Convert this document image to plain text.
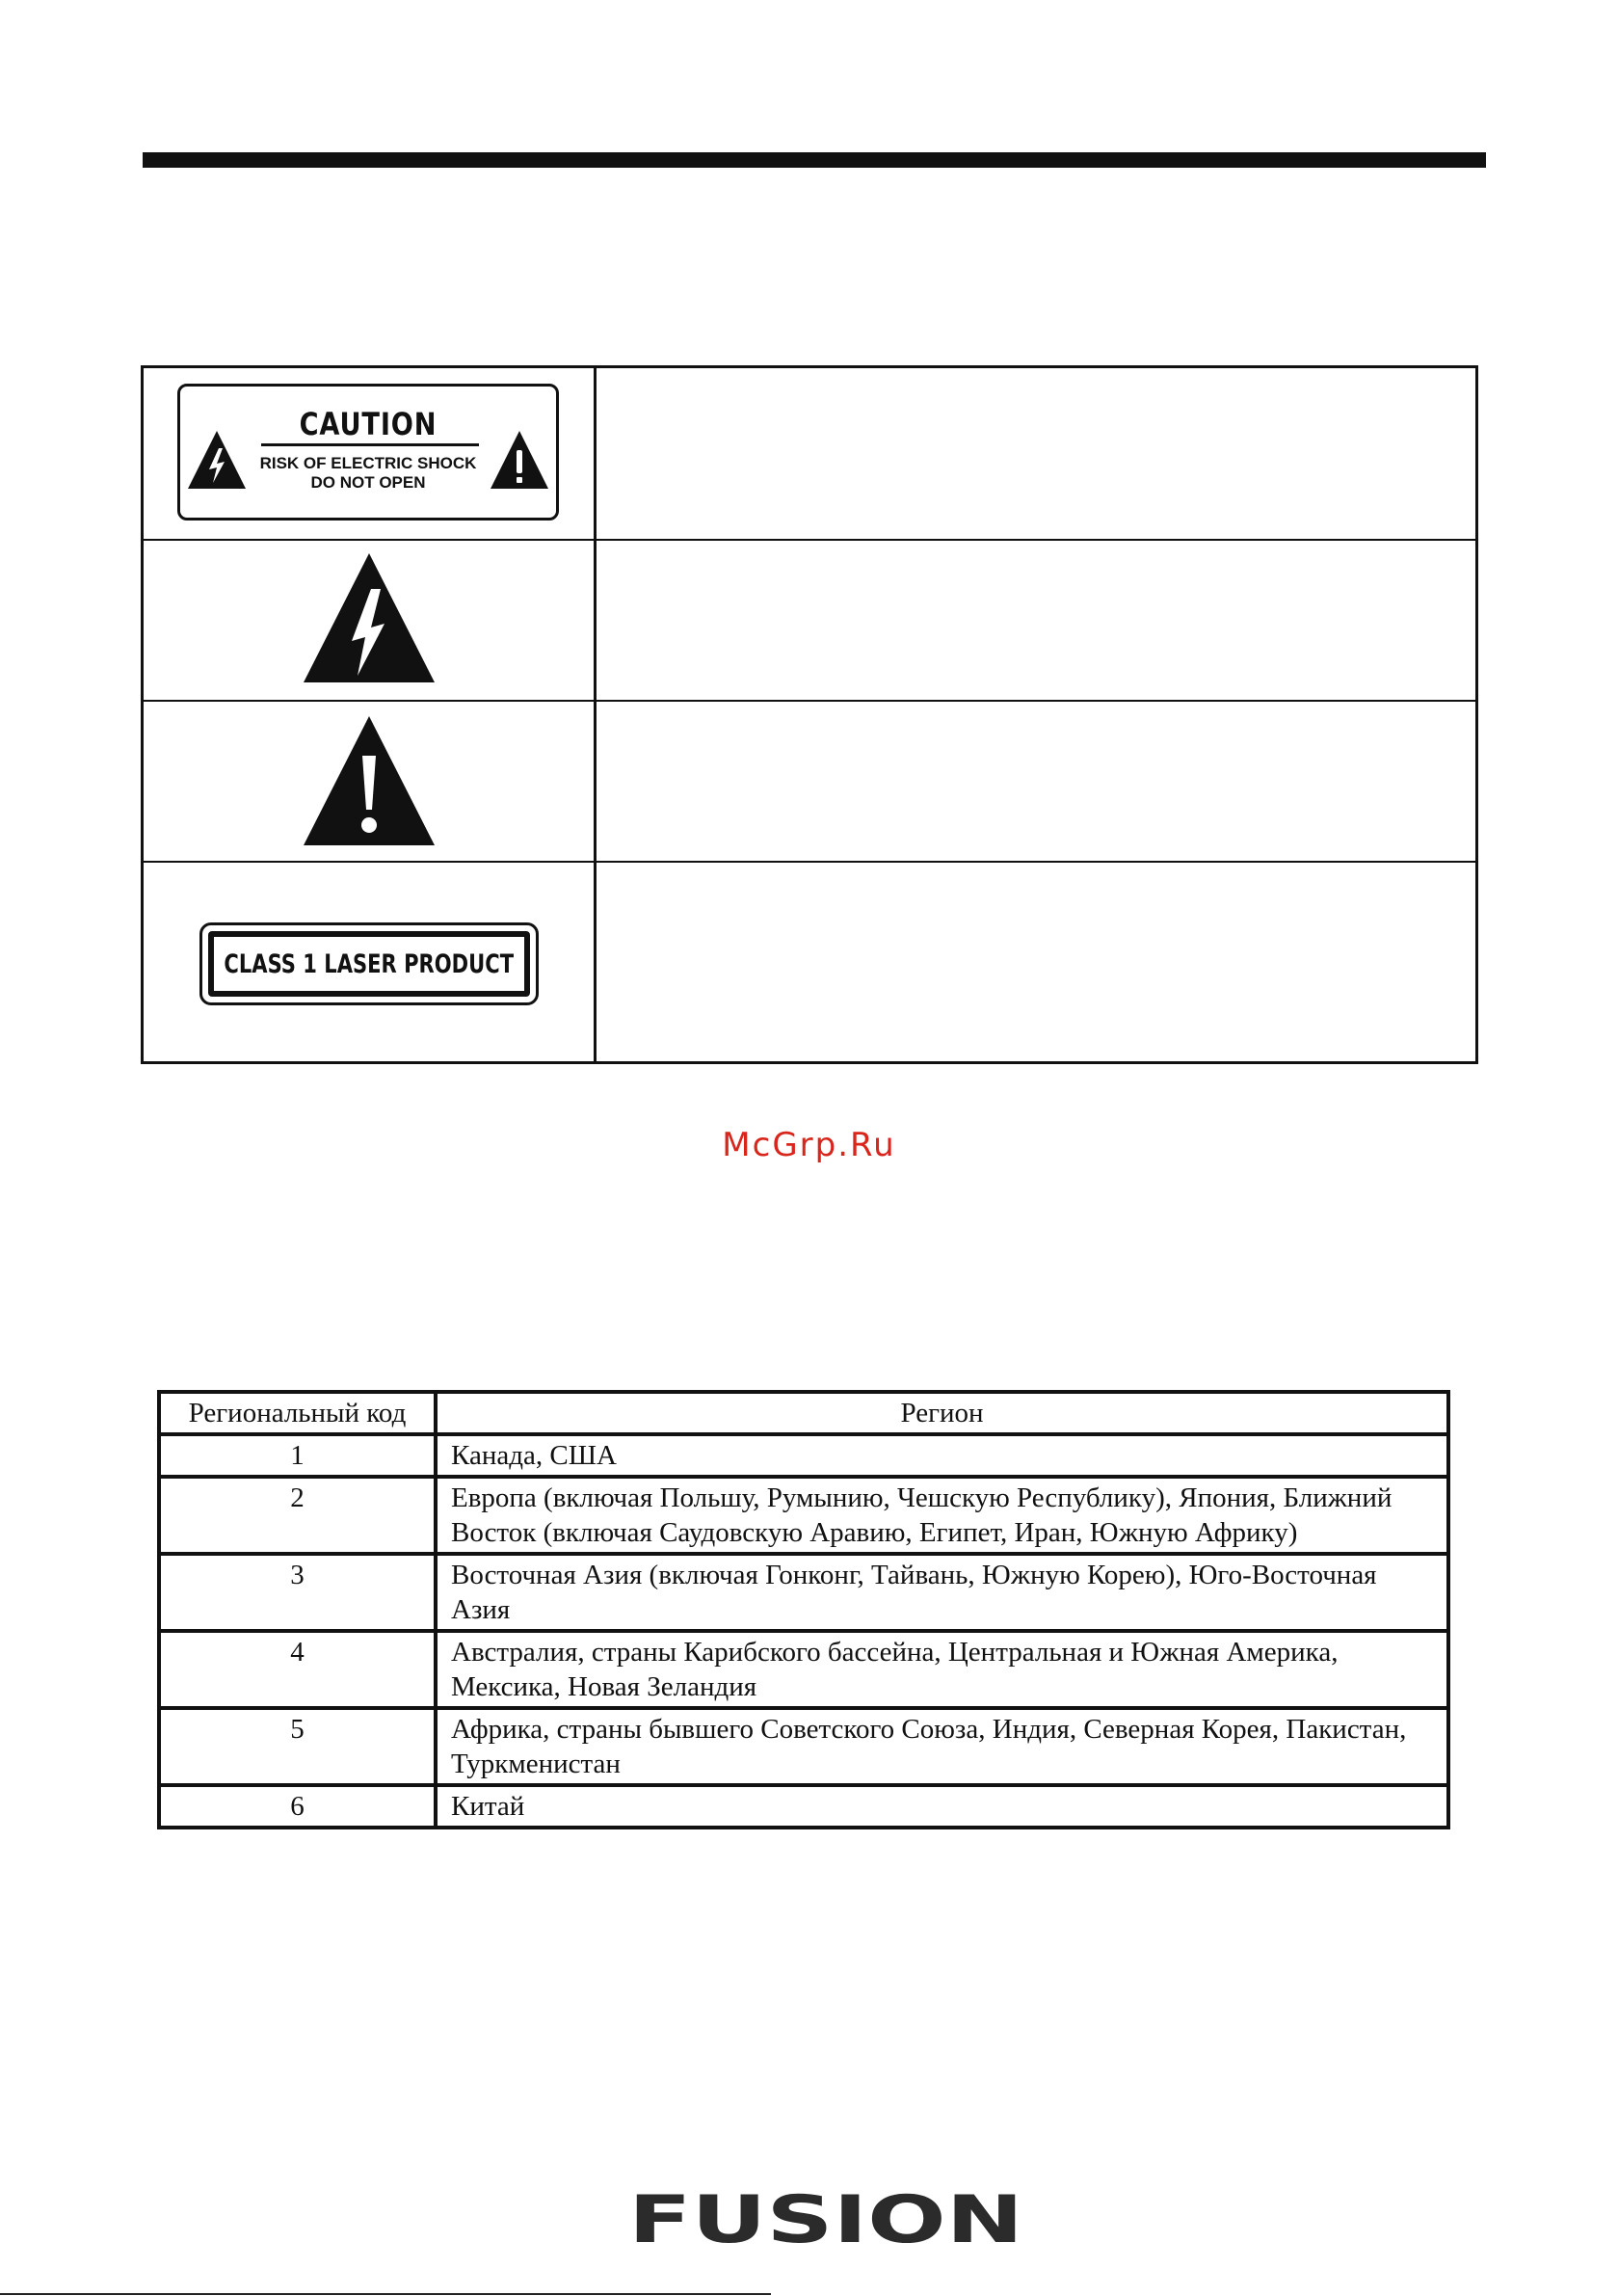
CAUTION
RISK OF ELECTRIC SHOCK
DO NOT OPEN
CLASS 1 LASER PRODUCT
McGrp.Ru
Региональный код	Регион
1	Канада, США
2	Европа (включая Польшу, Румынию, Чешскую Республику), Япония, Ближний Восток (включая Саудовскую Аравию, Египет, Иран, Южную Африку)
3	Восточная Азия (включая Гонконг, Тайвань, Южную Корею), Юго-Восточная Азия
4	Австралия, страны Карибского бассейна, Центральная и Южная Америка, Мексика, Новая Зеландия
5	Африка, страны бывшего Советского Союза, Индия, Северная Корея, Пакистан, Туркменистан
6	Китай
FUSION
